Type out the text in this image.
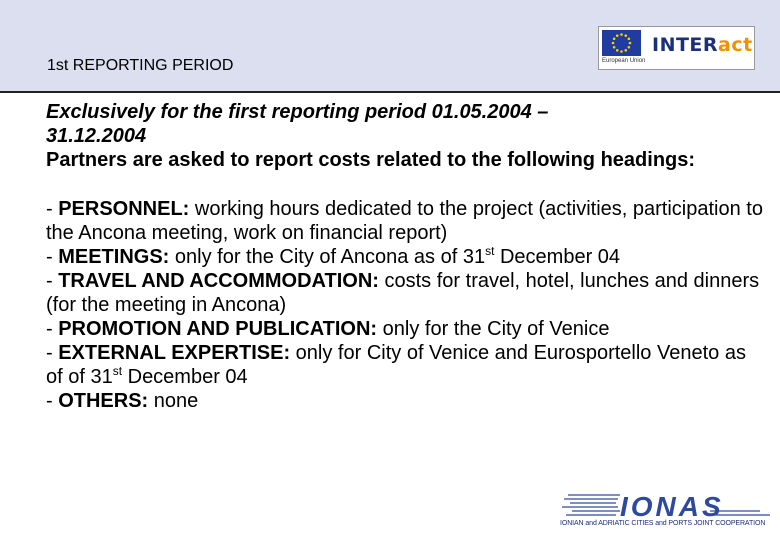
1st REPORTING PERIOD	European Union
INTERact

Exclusively for the first reporting period 01.05.2004 –
31.12.2004

Partners are asked to report costs related to the following headings:

- PERSONNEL: working hours dedicated to the project (activities, participation to the Ancona meeting, work on financial report)
- MEETINGS: only for the City of Ancona as of 31st December 04
- TRAVEL AND ACCOMMODATION: costs for travel, hotel, lunches and dinners (for the meeting in Ancona)
- PROMOTION AND PUBLICATION: only for the City of Venice
- EXTERNAL EXPERTISE: only for City of Venice and Eurosportello Veneto as of of 31st December 04
- OTHERS: none
IONAS
IONIAN and ADRIATIC CITIES and PORTS JOINT COOPERATION
